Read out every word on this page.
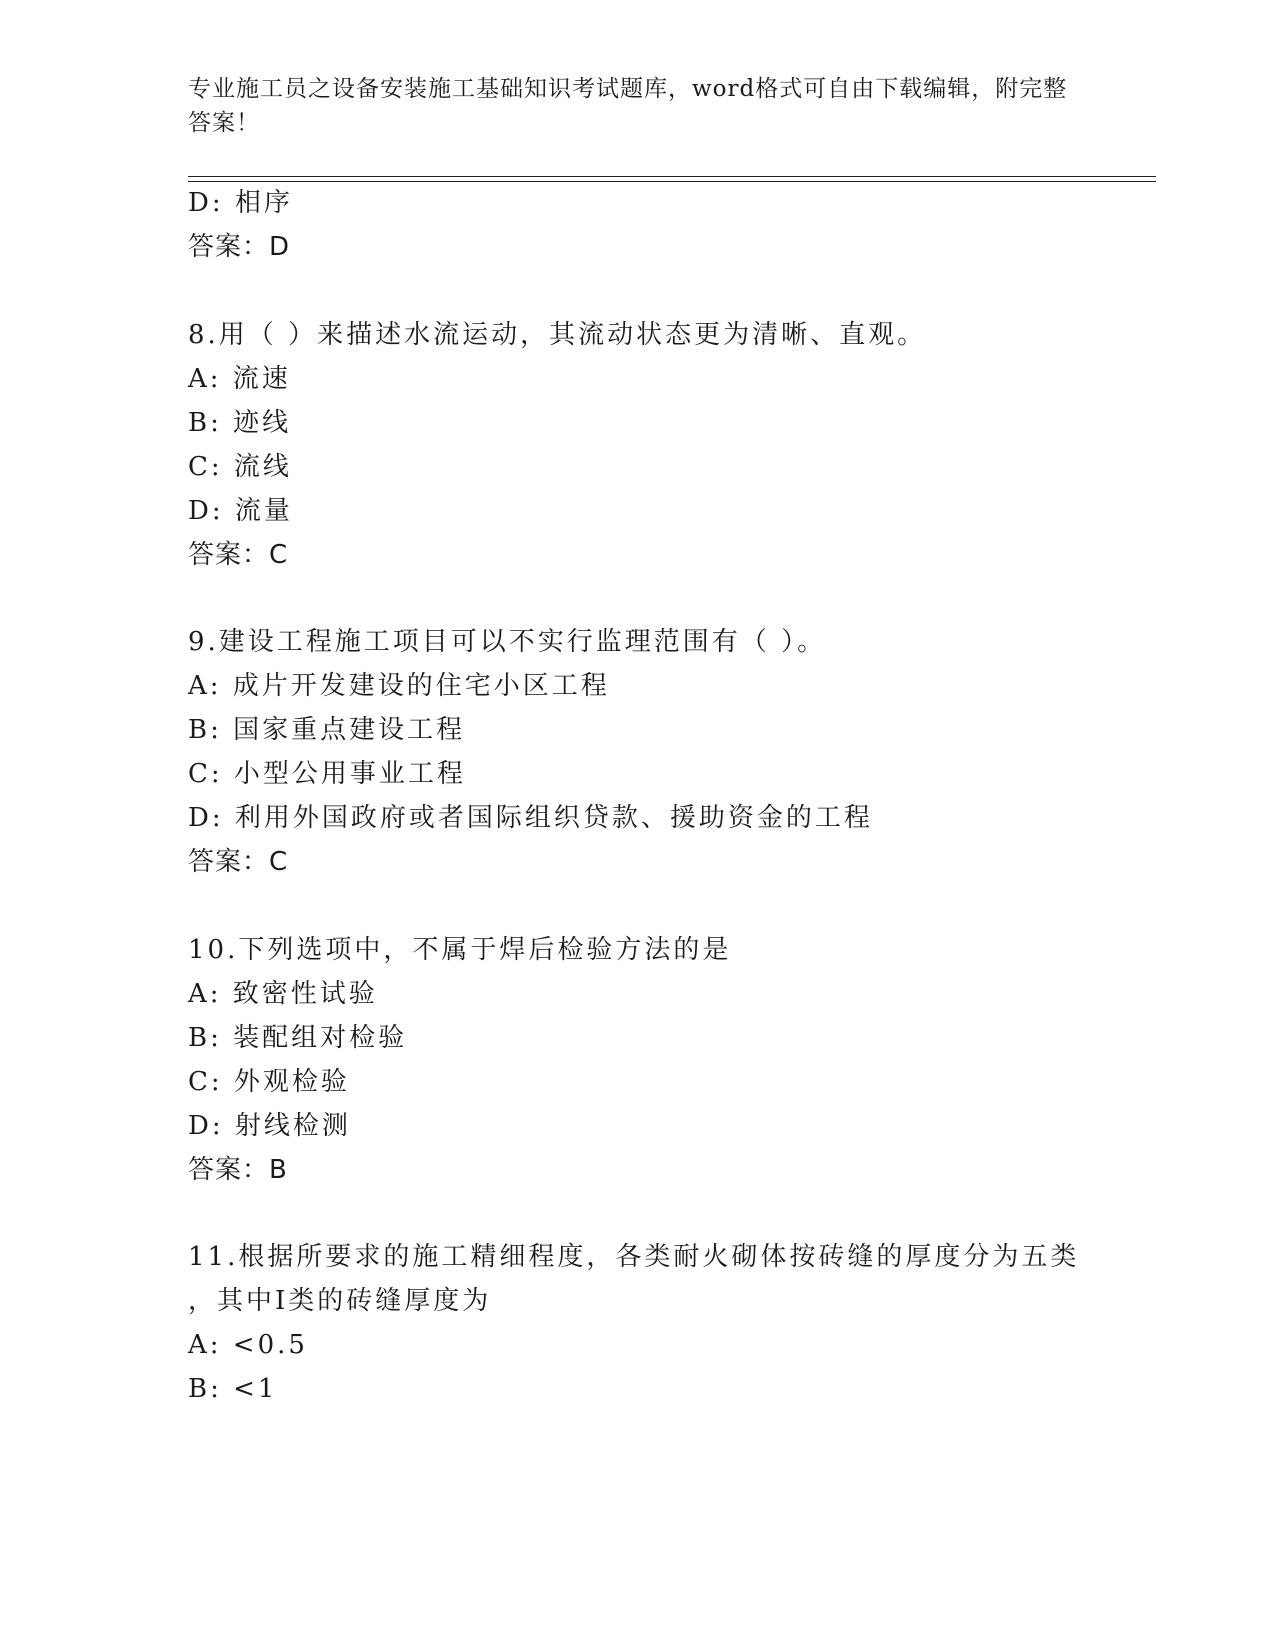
专业施工员之设备安装施工基础知识考试题库，word格式可自由下载编辑，附完整答案！
D: 相序
答案：D
8.用（ ）来描述水流运动，其流动状态更为清晰、直观。
A: 流速
B: 迹线
C: 流线
D: 流量
答案：C
9.建设工程施工项目可以不实行监理范围有（ ）。
A: 成片开发建设的住宅小区工程
B: 国家重点建设工程
C: 小型公用事业工程
D: 利用外国政府或者国际组织贷款、援助资金的工程
答案：C
10.下列选项中，不属于焊后检验方法的是
A: 致密性试验
B: 装配组对检验
C: 外观检验
D: 射线检测
答案：B
11.根据所要求的施工精细程度，各类耐火砌体按砖缝的厚度分为五类
，其中Ⅰ类的砖缝厚度为
A: <0.5
B: <1
